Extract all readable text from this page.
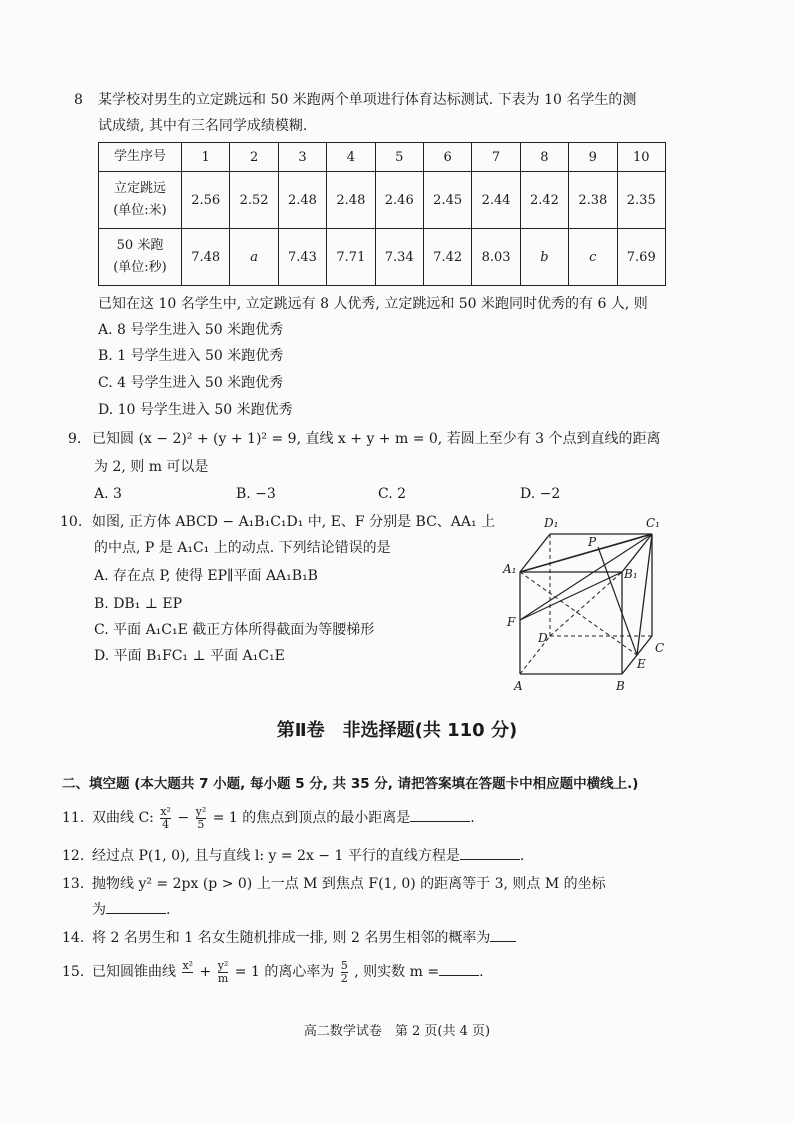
8 某学校对男生的立定跳远和 50 米跑两个单项进行体育达标测试. 下表为 10 名学生的测
试成绩, 其中有三名同学成绩模糊.
学生序号	1	2	3	4	5	6	7	8	9	10

立定跳远
(单位:米)	2.56	2.52	2.48	2.48	2.46	2.45	2.44	2.42	2.38	2.35

50 米跑
(单位:秒)	7.48	a	7.43	7.71	7.34	7.42	8.03	b	c	7.69
已知在这 10 名学生中, 立定跳远有 8 人优秀, 立定跳远和 50 米跑同时优秀的有 6 人, 则
A. 8 号学生进入 50 米跑优秀
B. 1 号学生进入 50 米跑优秀
C. 4 号学生进入 50 米跑优秀
D. 10 号学生进入 50 米跑优秀
9. 已知圆 (x − 2)² + (y + 1)² = 9, 直线 x + y + m = 0, 若圆上至少有 3 个点到直线的距离
为 2, 则 m 可以是
A. 3	B. −3	C. 2	D. −2
10. 如图, 正方体 ABCD − A₁B₁C₁D₁ 中, E、F 分别是 BC、AA₁ 上
的中点, P 是 A₁C₁ 上的动点. 下列结论错误的是
A. 存在点 P, 使得 EP∥平面 AA₁B₁B
B. DB₁ ⊥ EP
C. 平面 A₁C₁E 截正方体所得截面为等腰梯形
D. 平面 B₁FC₁ ⊥ 平面 A₁C₁E
D₁	C₁
P
A₁	B₁
F
D
C
E
A	B
第Ⅱ卷　非选择题(共 110 分)
二、填空题 (本大题共 7 小题, 每小题 5 分, 共 35 分, 请把答案填在答题卡中相应题中横线上.)
11. 双曲线 C: $\frac{\text{x²}}{4} - \frac{\text{y²}}{5} = 1$ 的焦点到顶点的最小距离是	.
12. 经过点 P(1, 0), 且与直线 l: y = 2x − 1 平行的直线方程是	.
13. 抛物线 y² = 2px (p > 0) 上一点 M 到焦点 F(1, 0) 的距离等于 3, 则点 M 的坐标
为	.
14. 将 2 名男生和 1 名女生随机排成一排, 则 2 名男生相邻的概率为
15. 已知圆锥曲线 x²
+ $\frac{\text{y²}}{m} = 1$ 的离心率为 $\frac{5}{2}$ , 则实数 m =	.
高二数学试卷　第 2 页(共 4 页)
